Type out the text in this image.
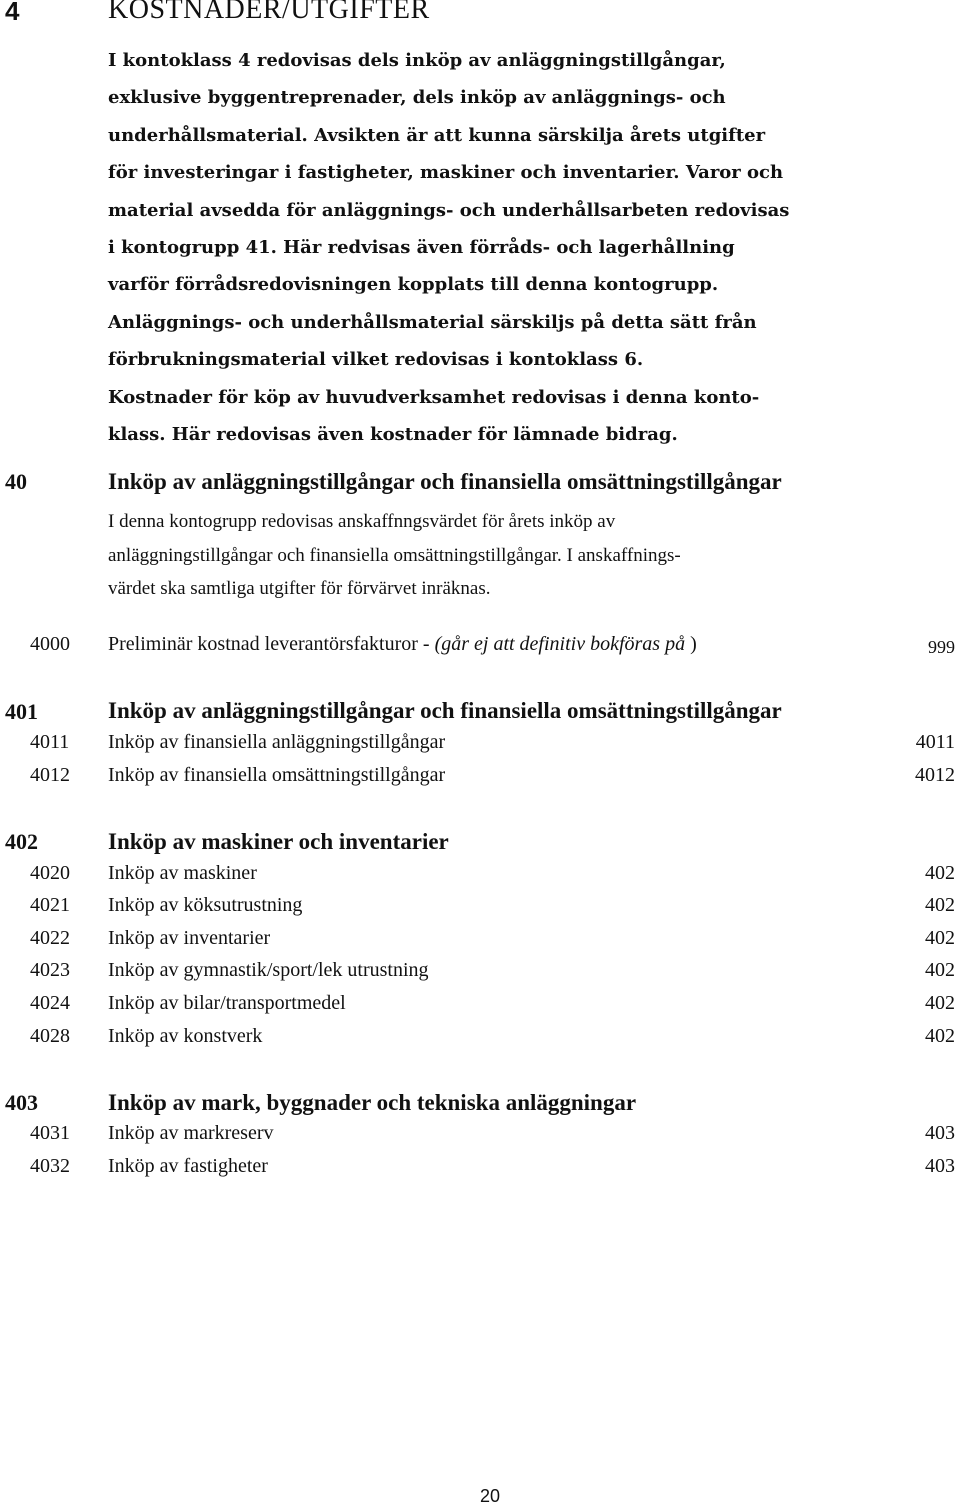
4	KOSTNADER/UTGIFTER
I kontoklass 4 redovisas dels inköp av anläggningstillgångar,
exklusive byggentreprenader, dels inköp av anläggnings- och
underhållsmaterial. Avsikten är att kunna särskilja årets utgifter
för investeringar i fastigheter, maskiner och inventarier. Varor och
material avsedda för anläggnings- och underhållsarbeten redovisas
i kontogrupp 41. Här redvisas även förråds- och lagerhållning
varför förrådsredovisningen kopplats till denna kontogrupp.
Anläggnings- och underhållsmaterial särskiljs på detta sätt från
förbrukningsmaterial vilket redovisas i kontoklass 6.
Kostnader för köp av huvudverksamhet redovisas i denna konto-
klass. Här redovisas även kostnader för lämnade bidrag.
40	Inköp av anläggningstillgångar och finansiella omsättningstillgångar
I denna kontogrupp redovisas anskaffnngsvärdet för årets inköp av
anläggningstillgångar och finansiella omsättningstillgångar. I anskaffnings-
värdet ska samtliga utgifter för förvärvet inräknas.
4000 Preliminär kostnad leverantörsfakturor - (går ej att definitiv bokföras på )	999
401	Inköp av anläggningstillgångar och finansiella omsättningstillgångar
4011 Inköp av finansiella anläggningstillgångar	4011
4012 Inköp av finansiella omsättningstillgångar	4012
402	Inköp av maskiner och inventarier
4020 Inköp av maskiner	402
4021 Inköp av köksutrustning	402
4022 Inköp av inventarier	402
4023 Inköp av gymnastik/sport/lek utrustning	402
4024 Inköp av bilar/transportmedel	402
4028 Inköp av konstverk	402
403	Inköp av mark, byggnader och tekniska anläggningar
4031 Inköp av markreserv	403
4032 Inköp av fastigheter	403
20
